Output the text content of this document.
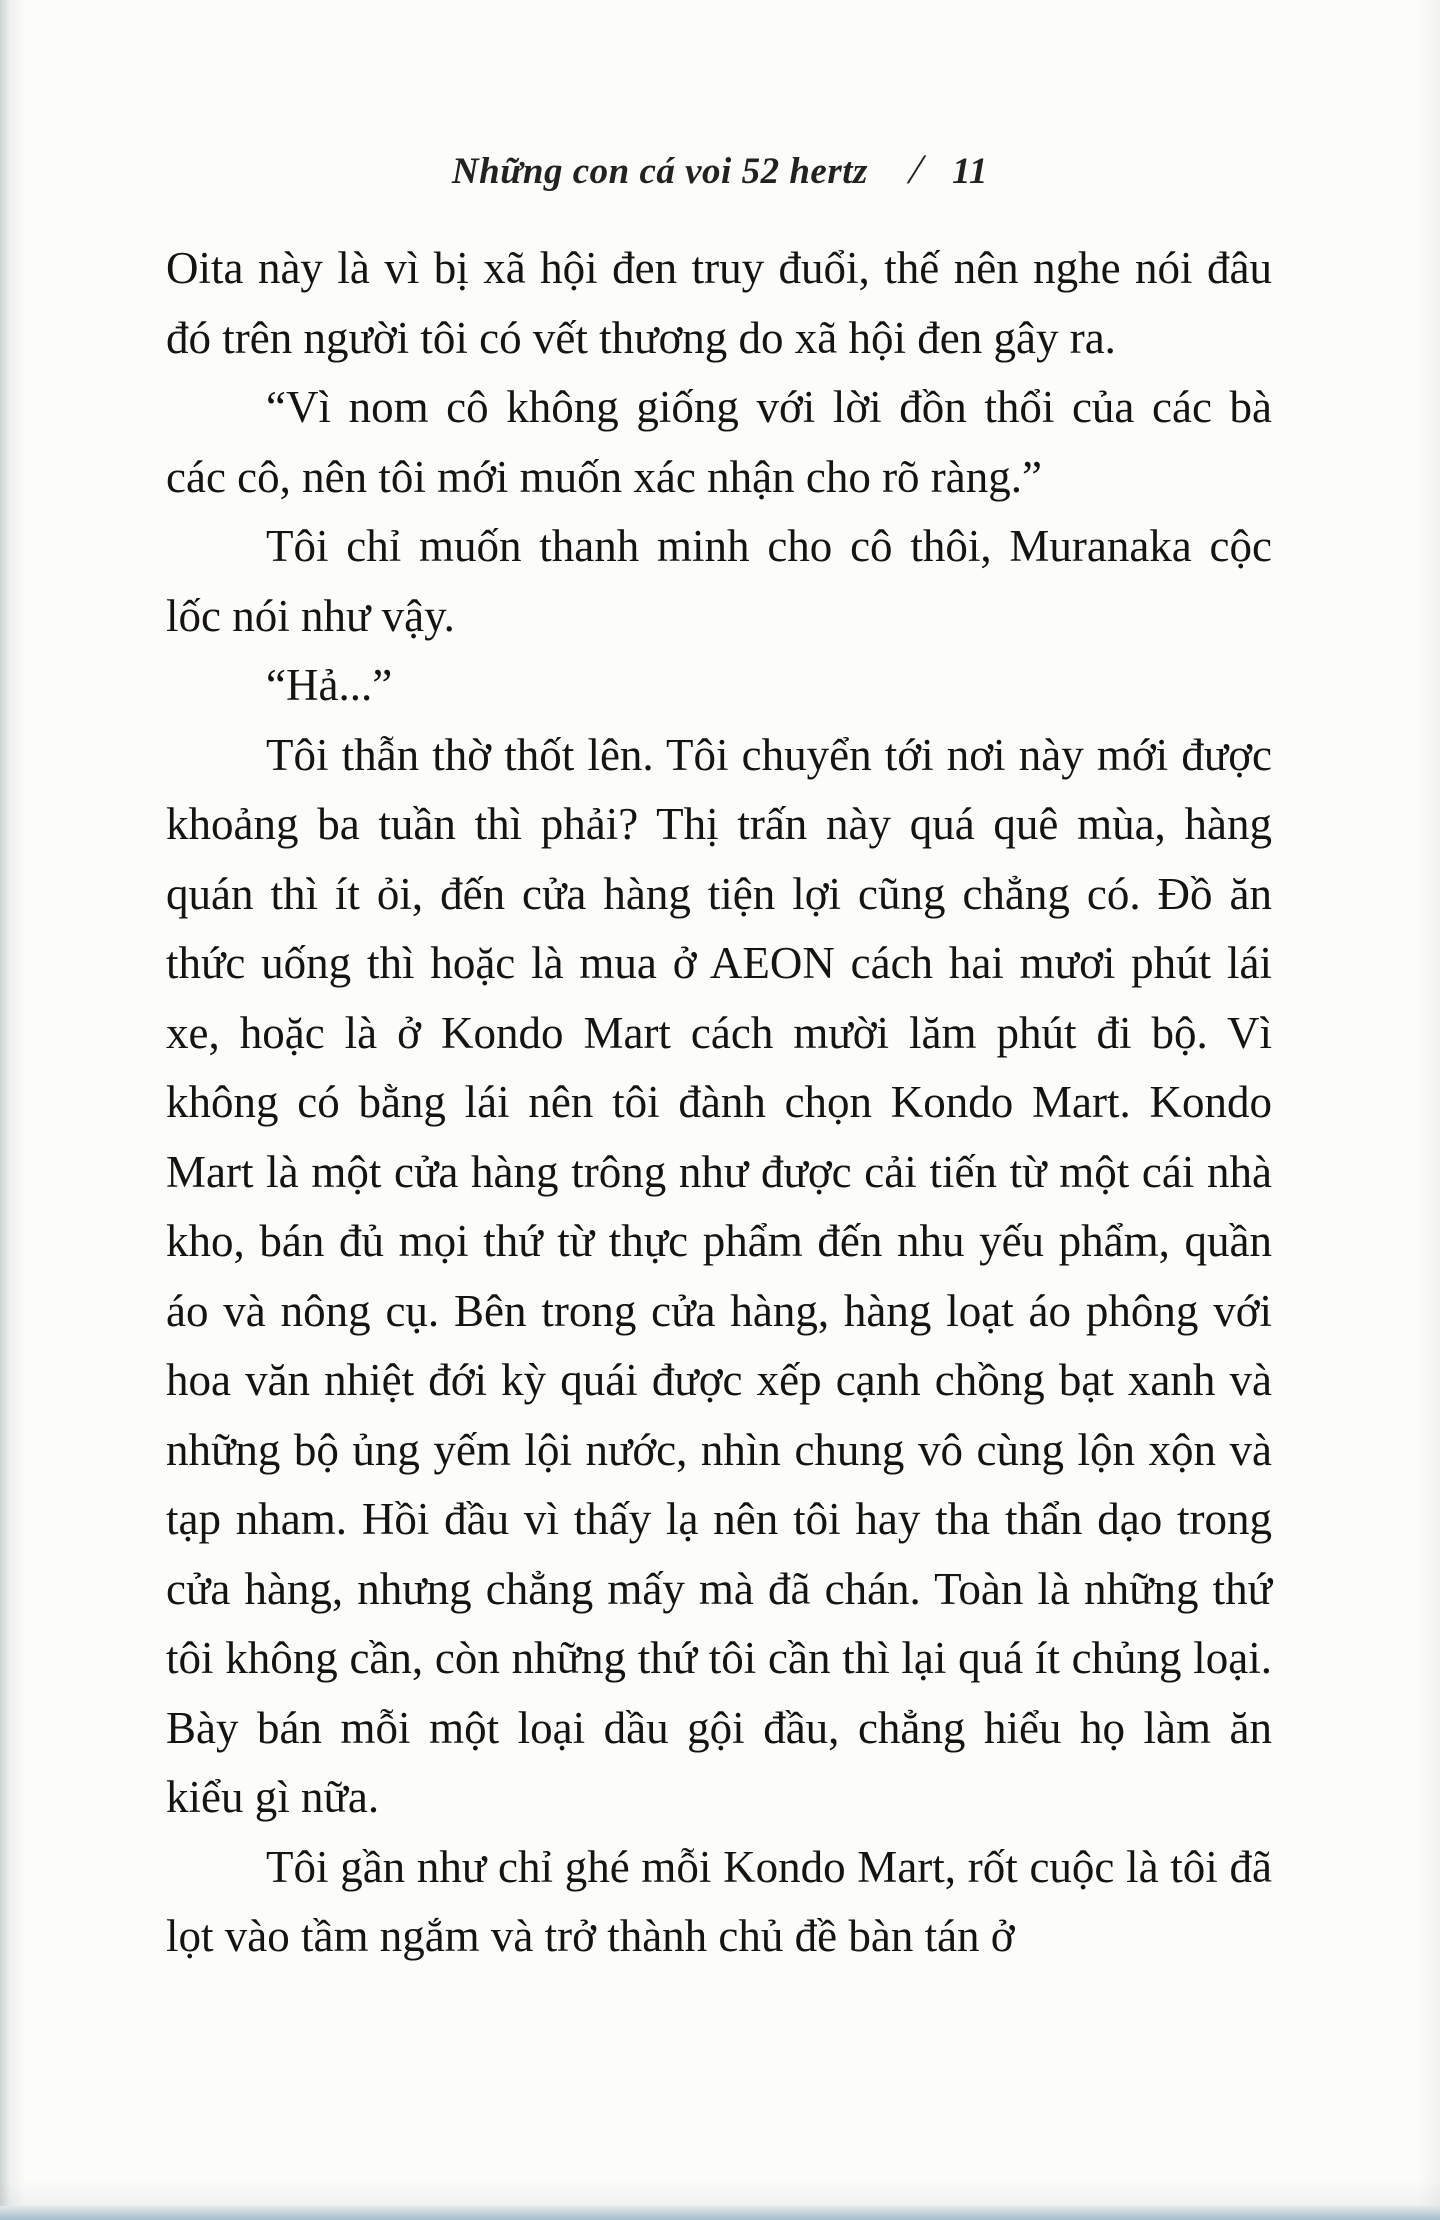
Những con cá voi 52 hertz / 11

Oita này là vì bị xã hội đen truy đuổi, thế nên nghe nói đâu đó trên người tôi có vết thương do xã hội đen gây ra.

“Vì nom cô không giống với lời đồn thổi của các bà các cô, nên tôi mới muốn xác nhận cho rõ ràng.”

Tôi chỉ muốn thanh minh cho cô thôi, Muranaka cộc lốc nói như vậy.

“Hả...”

Tôi thẫn thờ thốt lên. Tôi chuyển tới nơi này mới được khoảng ba tuần thì phải? Thị trấn này quá quê mùa, hàng quán thì ít ỏi, đến cửa hàng tiện lợi cũng chẳng có. Đồ ăn thức uống thì hoặc là mua ở AEON cách hai mươi phút lái xe, hoặc là ở Kondo Mart cách mười lăm phút đi bộ. Vì không có bằng lái nên tôi đành chọn Kondo Mart. Kondo Mart là một cửa hàng trông như được cải tiến từ một cái nhà kho, bán đủ mọi thứ từ thực phẩm đến nhu yếu phẩm, quần áo và nông cụ. Bên trong cửa hàng, hàng loạt áo phông với hoa văn nhiệt đới kỳ quái được xếp cạnh chồng bạt xanh và những bộ ủng yếm lội nước, nhìn chung vô cùng lộn xộn và tạp nham. Hồi đầu vì thấy lạ nên tôi hay tha thẩn dạo trong cửa hàng, nhưng chẳng mấy mà đã chán. Toàn là những thứ tôi không cần, còn những thứ tôi cần thì lại quá ít chủng loại. Bày bán mỗi một loại dầu gội đầu, chẳng hiểu họ làm ăn kiểu gì nữa.

Tôi gần như chỉ ghé mỗi Kondo Mart, rốt cuộc là tôi đã lọt vào tầm ngắm và trở thành chủ đề bàn tán ở
